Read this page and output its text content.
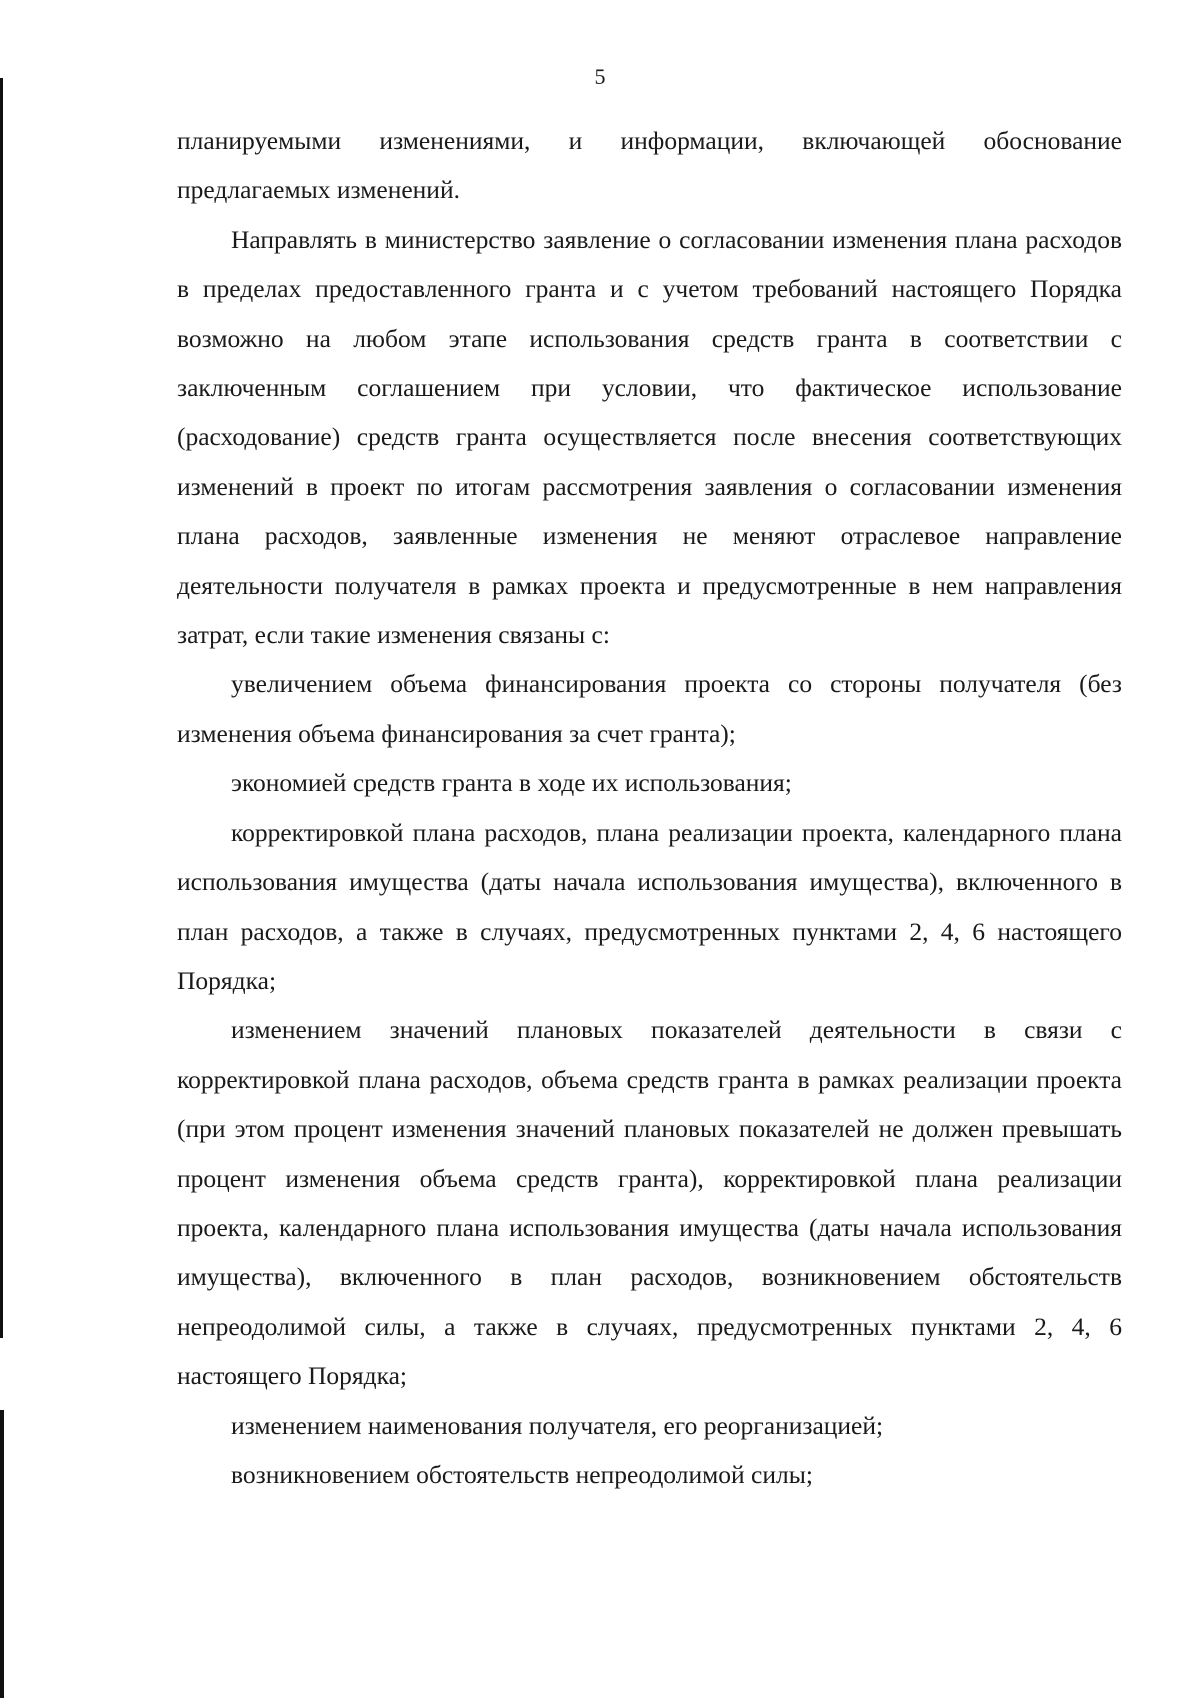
5

планируемыми изменениями, и информации, включающей обоснование предлагаемых изменений.

Направлять в министерство заявление о согласовании изменения плана расходов в пределах предоставленного гранта и с учетом требований настоящего Порядка возможно на любом этапе использования средств гранта в соответствии с заключенным соглашением при условии, что фактическое использование (расходование) средств гранта осуществляется после внесения соответствующих изменений в проект по итогам рассмотрения заявления о согласовании изменения плана расходов, заявленные изменения не меняют отраслевое направление деятельности получателя в рамках проекта и предусмотренные в нем направления затрат, если такие изменения связаны с:

увеличением объема финансирования проекта со стороны получателя (без изменения объема финансирования за счет гранта);

экономией средств гранта в ходе их использования;

корректировкой плана расходов, плана реализации проекта, календарного плана использования имущества (даты начала использования имущества), включенного в план расходов, а также в случаях, предусмотренных пунктами 2, 4, 6 настоящего Порядка;

изменением значений плановых показателей деятельности в связи с корректировкой плана расходов, объема средств гранта в рамках реализации проекта (при этом процент изменения значений плановых показателей не должен превышать процент изменения объема средств гранта), корректировкой плана реализации проекта, календарного плана использования имущества (даты начала использования имущества), включенного в план расходов, возникновением обстоятельств непреодолимой силы, а также в случаях, предусмотренных пунктами 2, 4, 6 настоящего Порядка;

изменением наименования получателя, его реорганизацией;

возникновением обстоятельств непреодолимой силы;
